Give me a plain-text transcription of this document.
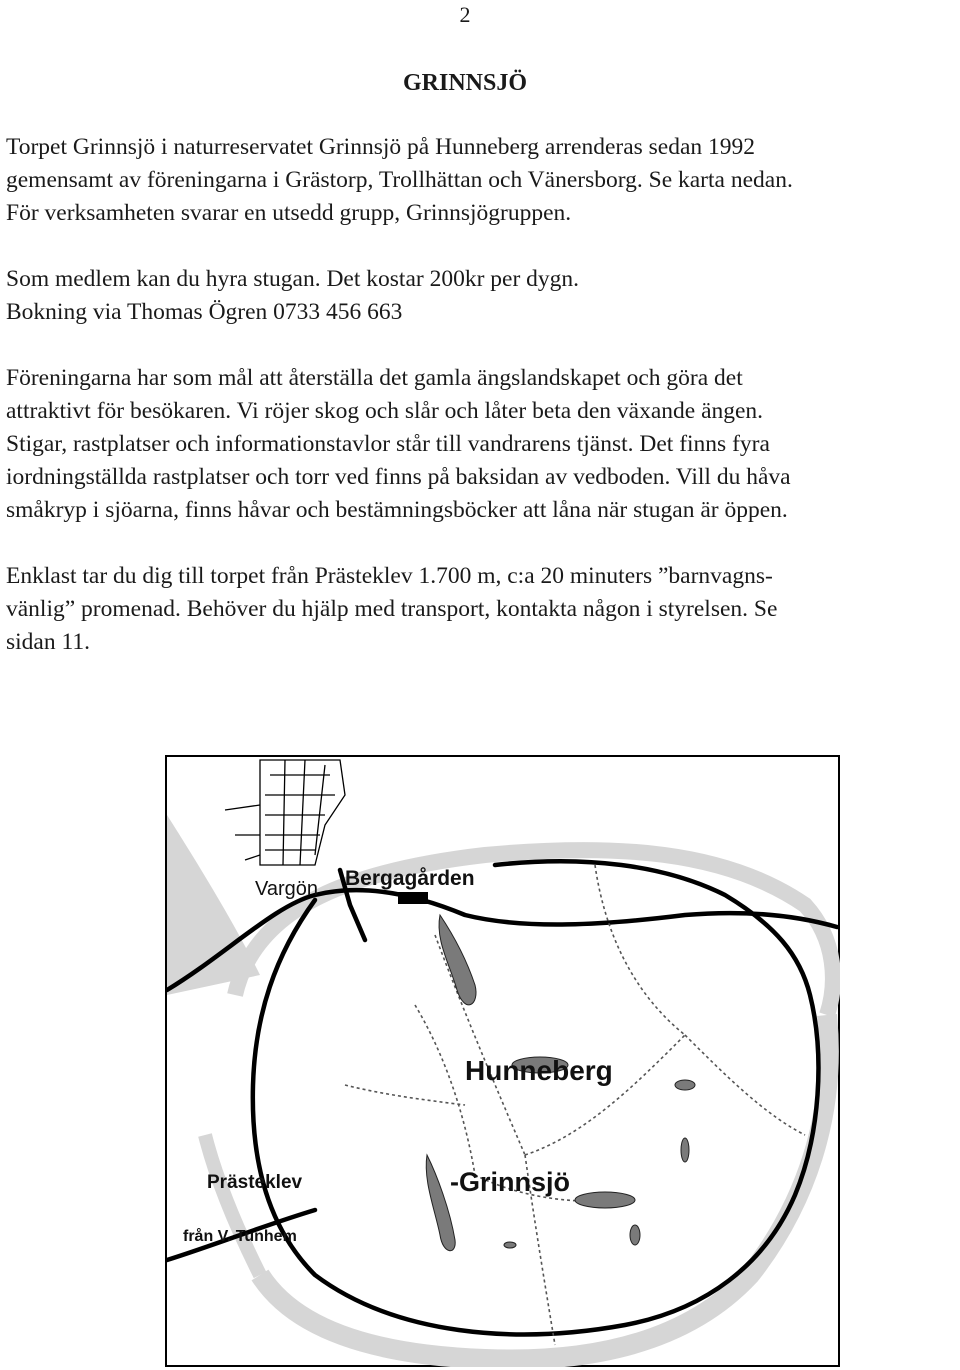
2
GRINNSJÖ

Torpet Grinnsjö i naturreservatet Grinnsjö på Hunneberg arrenderas sedan 1992
gemensamt av föreningarna i Grästorp, Trollhättan och Vänersborg. Se karta nedan.
För verksamheten svarar en utsedd grupp, Grinnsjögruppen.

Som medlem kan du hyra stugan. Det kostar 200kr per dygn.
Bokning via Thomas Ögren 0733 456 663

Föreningarna har som mål att återställa det gamla ängslandskapet och göra det
attraktivt för besökaren. Vi röjer skog och slår och låter beta den växande ängen.
Stigar, rastplatser och informationstavlor står till vandrarens tjänst. Det finns fyra
iordningställda rastplatser och torr ved finns på baksidan av vedboden. Vill du håva
småkryp i sjöarna, finns håvar och bestämningsböcker att låna när stugan är öppen.

Enklast tar du dig till torpet från Prästeklev 1.700 m, c:a 20 minuters ”barnvagns-
vänlig” promenad. Behöver du hjälp med transport, kontakta någon i styrelsen. Se
sidan 11.

Vargön Bergagården
Hunneberg
Prästeklev	-Grinnsjö
från V. Tunhem
